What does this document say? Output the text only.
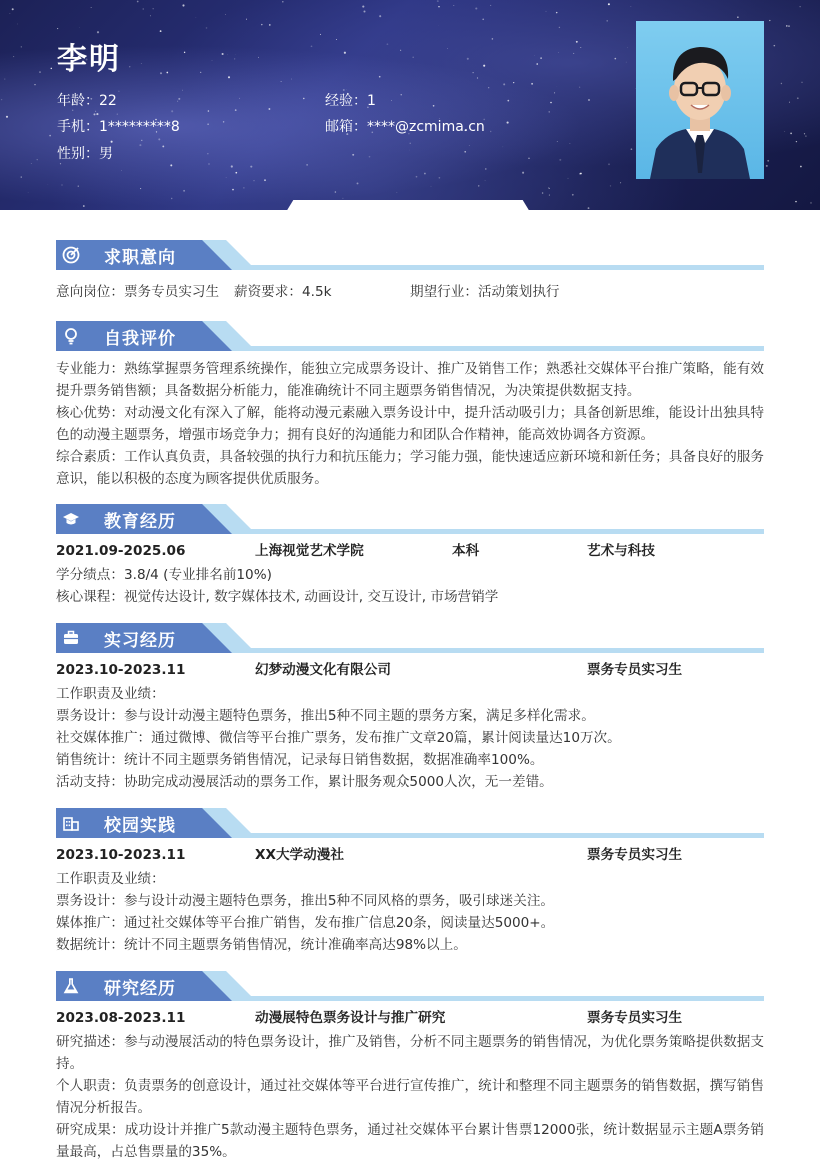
李明
年龄：22	经验：1
手机：1*********8	邮箱：****@zcmima.cn
性别：男
求职意向
意向岗位：票务专员实习生 薪资要求：4.5k	期望行业：活动策划执行
自我评价
专业能力：熟练掌握票务管理系统操作，能独立完成票务设计、推广及销售工作；熟悉社交媒体平台推广策略，能有效提升票务销售额；具备数据分析能力，能准确统计不同主题票务销售情况，为决策提供数据支持。
核心优势：对动漫文化有深入了解，能将动漫元素融入票务设计中，提升活动吸引力；具备创新思维，能设计出独具特色的动漫主题票务，增强市场竞争力；拥有良好的沟通能力和团队合作精神，能高效协调各方资源。
综合素质：工作认真负责，具备较强的执行力和抗压能力；学习能力强，能快速适应新环境和新任务；具备良好的服务意识，能以积极的态度为顾客提供优质服务。
教育经历
2021.09-2025.06	上海视觉艺术学院	本科	艺术与科技
学分绩点：3.8/4 (专业排名前10%)
核心课程：视觉传达设计, 数字媒体技术, 动画设计, 交互设计, 市场营销学
实习经历
2023.10-2023.11	幻梦动漫文化有限公司	票务专员实习生
工作职责及业绩：
票务设计：参与设计动漫主题特色票务，推出5种不同主题的票务方案，满足多样化需求。
社交媒体推广：通过微博、微信等平台推广票务，发布推广文章20篇，累计阅读量达10万次。
销售统计：统计不同主题票务销售情况，记录每日销售数据，数据准确率100%。
活动支持：协助完成动漫展活动的票务工作，累计服务观众5000人次，无一差错。
校园实践
2023.10-2023.11	XX大学动漫社	票务专员实习生
工作职责及业绩：
票务设计：参与设计动漫主题特色票务，推出5种不同风格的票务，吸引球迷关注。
媒体推广：通过社交媒体等平台推广销售，发布推广信息20条，阅读量达5000+。
数据统计：统计不同主题票务销售情况，统计准确率高达98%以上。
研究经历
2023.08-2023.11	动漫展特色票务设计与推广研究	票务专员实习生
研究描述：参与动漫展活动的特色票务设计，推广及销售，分析不同主题票务的销售情况，为优化票务策略提供数据支持。
个人职责：负责票务的创意设计，通过社交媒体等平台进行宣传推广，统计和整理不同主题票务的销售数据，撰写销售情况分析报告。
研究成果：成功设计并推广5款动漫主题特色票务，通过社交媒体平台累计售票12000张，统计数据显示主题A票务销量最高，占总售票量的35%。
